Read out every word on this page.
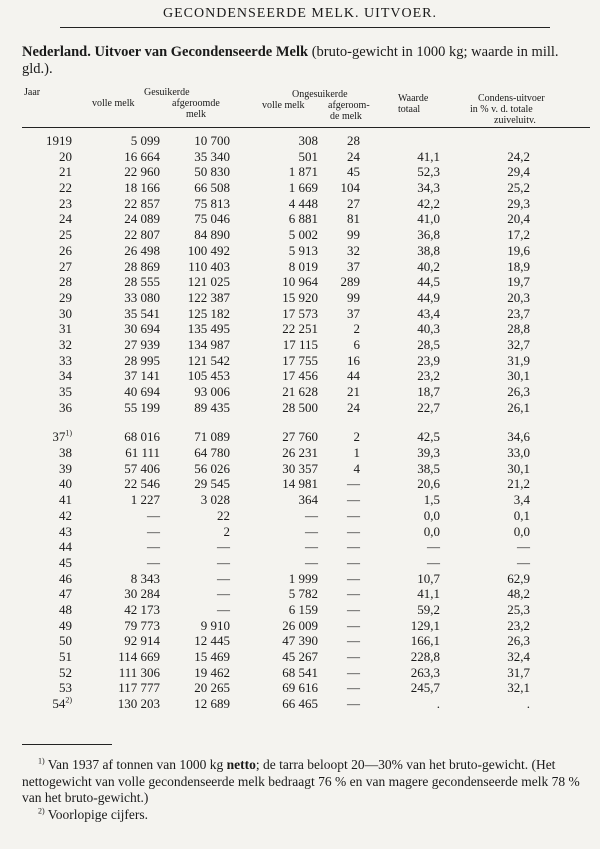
GECONDENSEERDE MELK. UITVOER.
Nederland. Uitvoer van Gecondenseerde Melk (bruto-gewicht in 1000 kg; waarde in mill. gld.).
Jaar	Gesuikerde
volle melk	afgeroomde
melk
Ongesuikerde
volle melk afgeroom-
de melk
Waarde
totaal
Condens-uitvoer
in % v. d. totale
zuiveluitv.
1919	5 099	10 700	308	28
20	16 664	35 340	501	24	41,1	24,2
21	22 960	50 830	1 871	45	52,3	29,4
22	18 166	66 508	1 669	104	34,3	25,2
23	22 857	75 813	4 448	27	42,2	29,3
24	24 089	75 046	6 881	81	41,0	20,4
25	22 807	84 890	5 002	99	36,8	17,2
26	26 498	100 492	5 913	32	38,8	19,6
27	28 869	110 403	8 019	37	40,2	18,9
28	28 555	121 025	10 964	289	44,5	19,7
29	33 080	122 387	15 920	99	44,9	20,3
30	35 541	125 182	17 573	37	43,4	23,7
31	30 694	135 495	22 251	2	40,3	28,8
32	27 939	134 987	17 115	6	28,5	32,7
33	28 995	121 542	17 755	16	23,9	31,9
34	37 141	105 453	17 456	44	23,2	30,1
35	40 694	93 006	21 628	21	18,7	26,3
36	55 199	89 435	28 500	24	22,7	26,1
37$^{1)}$	68 016	71 089	27 760	2	42,5	34,6
38	61 111	64 780	26 231	1	39,3	33,0
39	57 406	56 026	30 357	4	38,5	30,1
40	22 546	29 545	14 981	—	20,6	21,2
41	1 227	3 028	364	—	1,5	3,4
42	—	22	—	—	0,0	0,1
43	—	2	—	—	0,0	0,0
44	—	—	—	—	—	—
45	—	—	—	—	—	—
46	8 343	—	1 999	—	10,7	62,9
47	30 284	—	5 782	—	41,1	48,2
48	42 173	—	6 159	—	59,2	25,3
49	79 773	9 910	26 009	—	129,1	23,2
50	92 914	12 445	47 390	—	166,1	26,3
51	114 669	15 469	45 267	—	228,8	32,4
52	111 306	19 462	68 541	—	263,3	31,7
53	117 777	20 265	69 616	—	245,7	32,1
54$^{2)}$	130 203	12 689	66 465	—	.	.
$^{1)}$ Van 1937 af tonnen van 1000 kg netto; de tarra beloopt 20—30% van het bruto-gewicht. (Het nettogewicht van volle gecondenseerde melk bedraagt 76 % en van magere gecondenseerde melk 78 % van het bruto-gewicht.)
$^{2)}$ Voorlopige cijfers.
